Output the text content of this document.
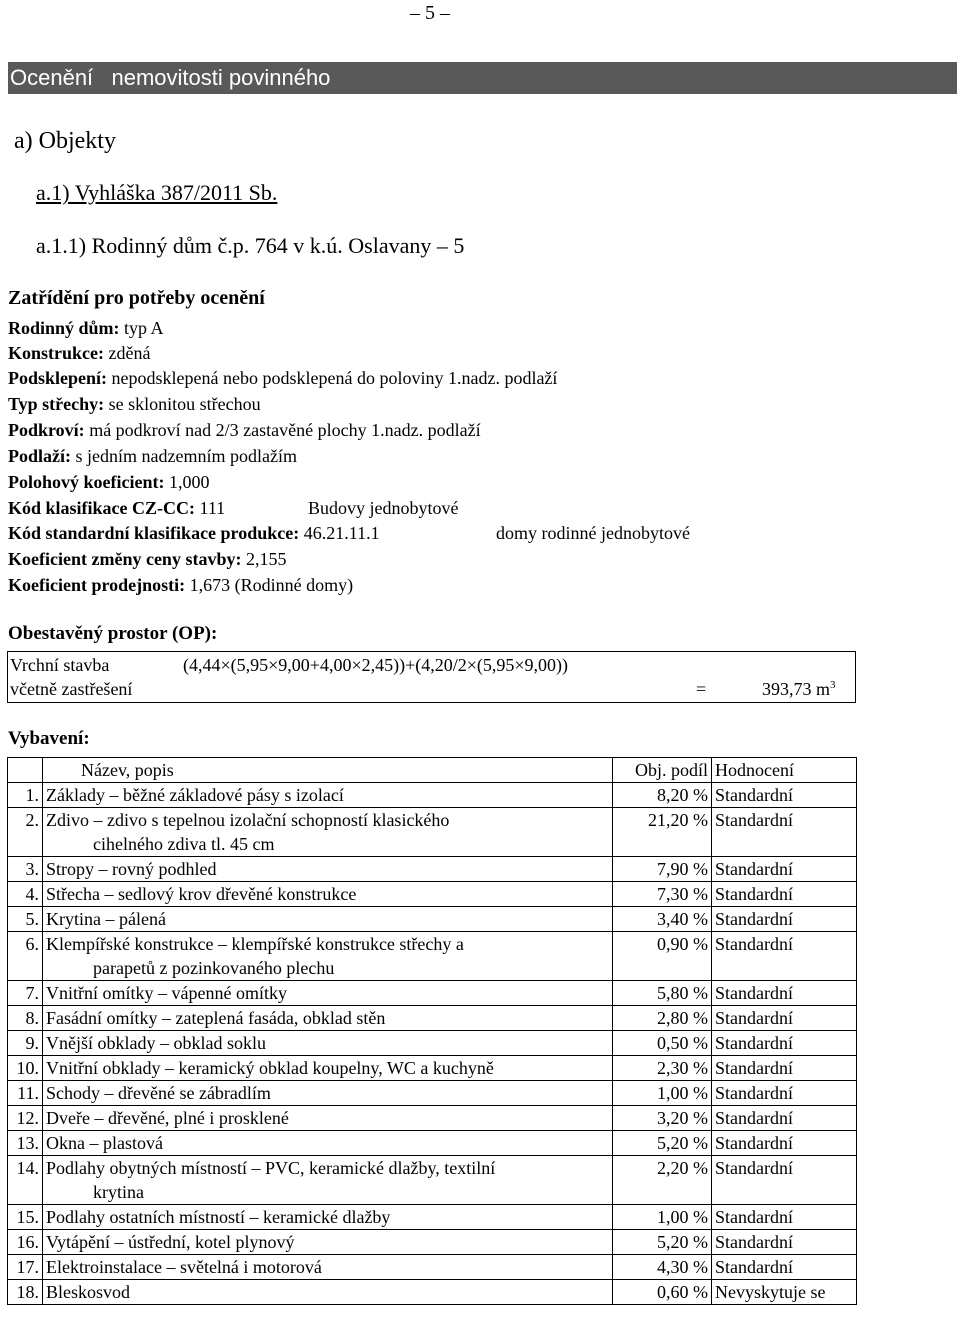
– 5 –
Ocenění   nemovitosti povinného
a) Objekty
a.1) Vyhláška 387/2011 Sb.
a.1.1) Rodinný dům č.p. 764 v k.ú. Oslavany – 5
Zatřídění pro potřeby ocenění
Rodinný dům: typ A
Konstrukce: zděná
Podsklepení: nepodsklepená nebo podsklepená do poloviny 1.nadz. podlaží
Typ střechy: se sklonitou střechou
Podkroví: má podkroví nad 2/3 zastavěné plochy 1.nadz. podlaží
Podlaží: s jedním nadzemním podlažím
Polohový koeficient: 1,000
Kód klasifikace CZ-CC: 111	Budovy jednobytové
Kód standardní klasifikace produkce: 46.21.11.1	domy rodinné jednobytové
Koeficient změny ceny stavby: 2,155
Koeficient prodejnosti: 1,673 (Rodinné domy)
Obestavěný prostor (OP):
Vrchní stavba	(4,44×(5,95×9,00+4,00×2,45))+(4,20/2×(5,95×9,00))
včetně zastřešení	=	393,73 $m^3$
Vybavení:
	Název, popis	Obj. podíl	Hodnocení
1.	Základy – běžné základové pásy s izolací	8,20 %	Standardní
2.	Zdivo – zdivo s tepelnou izolační schopností klasického
cihelného zdiva tl. 45 cm	21,20 %	Standardní
3.	Stropy – rovný podhled	7,90 %	Standardní
4.	Střecha – sedlový krov dřevěné konstrukce	7,30 %	Standardní
5.	Krytina – pálená	3,40 %	Standardní
6.	Klempířské konstrukce – klempířské konstrukce střechy a
parapetů z pozinkovaného plechu	0,90 %	Standardní
7.	Vnitřní omítky – vápenné omítky	5,80 %	Standardní
8.	Fasádní omítky – zateplená fasáda, obklad stěn	2,80 %	Standardní
9.	Vnější obklady – obklad soklu	0,50 %	Standardní
10.	Vnitřní obklady – keramický obklad koupelny, WC a kuchyně	2,30 %	Standardní
11.	Schody – dřevěné se zábradlím	1,00 %	Standardní
12.	Dveře – dřevěné, plné i prosklené	3,20 %	Standardní
13.	Okna – plastová	5,20 %	Standardní
14.	Podlahy obytných místností – PVC, keramické dlažby, textilní
krytina	2,20 %	Standardní
15.	Podlahy ostatních místností – keramické dlažby	1,00 %	Standardní
16.	Vytápění – ústřední, kotel plynový	5,20 %	Standardní
17.	Elektroinstalace – světelná i motorová	4,30 %	Standardní
18.	Bleskosvod	0,60 %	Nevyskytuje se
